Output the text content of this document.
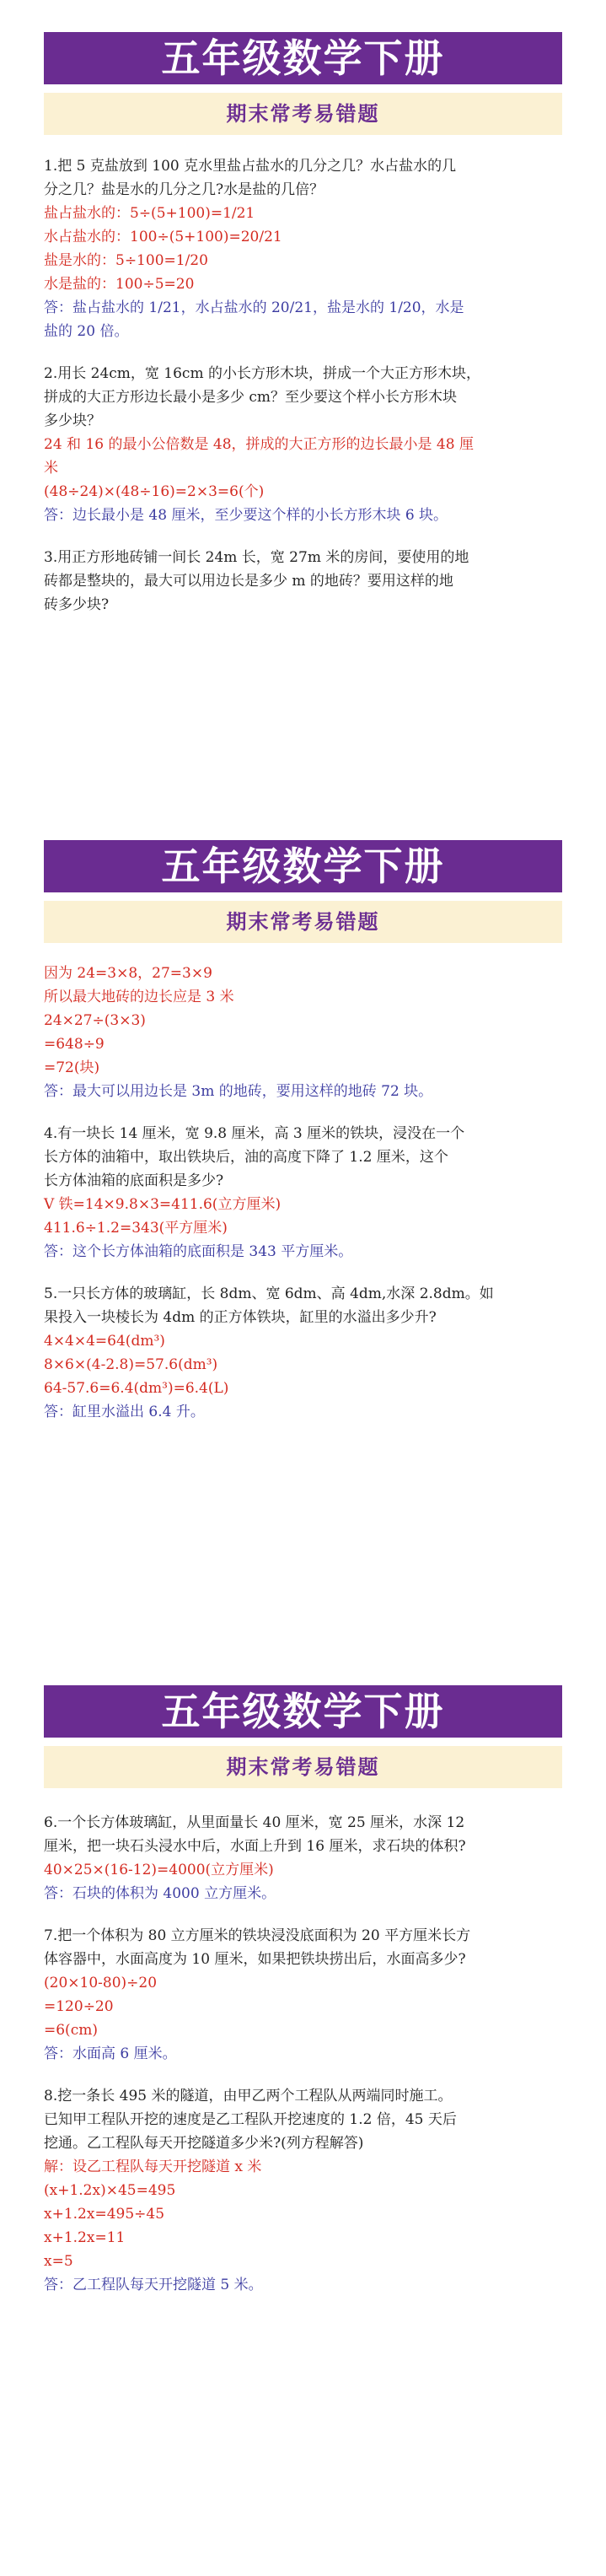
五年级数学下册
期末常考易错题
1.把 5 克盐放到 100 克水里盐占盐水的几分之几？水占盐水的几
分之几？盐是水的几分之几?水是盐的几倍？
盐占盐水的：5÷(5+100)=1/21
水占盐水的：100÷(5+100)=20/21
盐是水的：5÷100=1/20
水是盐的：100÷5=20
答：盐占盐水的 1/21，水占盐水的 20/21，盐是水的 1/20，水是
盐的 20 倍。
2.用长 24cm，宽 16cm 的小长方形木块，拼成一个大正方形木块，
拼成的大正方形边长最小是多少 cm？至少要这个样小长方形木块
多少块？
24 和 16 的最小公倍数是 48，拼成的大正方形的边长最小是 48 厘
米
(48÷24)×(48÷16)=2×3=6(个)
答：边长最小是 48 厘米，至少要这个样的小长方形木块 6 块。
3.用正方形地砖铺一间长 24m 长，宽 27m 米的房间，要使用的地
砖都是整块的，最大可以用边长是多少 m 的地砖？要用这样的地
砖多少块?
五年级数学下册
期末常考易错题
因为 24=3×8，27=3×9
所以最大地砖的边长应是 3 米
24×27÷(3×3)
=648÷9
=72(块)
答：最大可以用边长是 3m 的地砖，要用这样的地砖 72 块。
4.有一块长 14 厘米，宽 9.8 厘米，高 3 厘米的铁块，浸没在一个
长方体的油箱中，取出铁块后，油的高度下降了 1.2 厘米，这个
长方体油箱的底面积是多少?
V 铁=14×9.8×3=411.6(立方厘米)
411.6÷1.2=343(平方厘米)
答：这个长方体油箱的底面积是 343 平方厘米。
5.一只长方体的玻璃缸，长 8dm、宽 6dm、高 4dm,水深 2.8dm。如
果投入一块棱长为 4dm 的正方体铁块，缸里的水溢出多少升?
4×4×4=64(dm³)
8×6×(4-2.8)=57.6(dm³)
64-57.6=6.4(dm³)=6.4(L)
答：缸里水溢出 6.4 升。
五年级数学下册
期末常考易错题
6.一个长方体玻璃缸，从里面量长 40 厘米，宽 25 厘米，水深 12
厘米，把一块石头浸水中后，水面上升到 16 厘米，求石块的体积?
40×25×(16-12)=4000(立方厘米)
答：石块的体积为 4000 立方厘米。
7.把一个体积为 80 立方厘米的铁块浸没底面积为 20 平方厘米长方
体容器中，水面高度为 10 厘米，如果把铁块捞出后，水面高多少?
(20×10-80)÷20
=120÷20
=6(cm)
答：水面高 6 厘米。
8.挖一条长 495 米的隧道，由甲乙两个工程队从两端同时施工。
已知甲工程队开挖的速度是乙工程队开挖速度的 1.2 倍，45 天后
挖通。乙工程队每天开挖隧道多少米?(列方程解答)
解：设乙工程队每天开挖隧道 x 米
(x+1.2x)×45=495
x+1.2x=495÷45
x+1.2x=11
x=5
答：乙工程队每天开挖隧道 5 米。
